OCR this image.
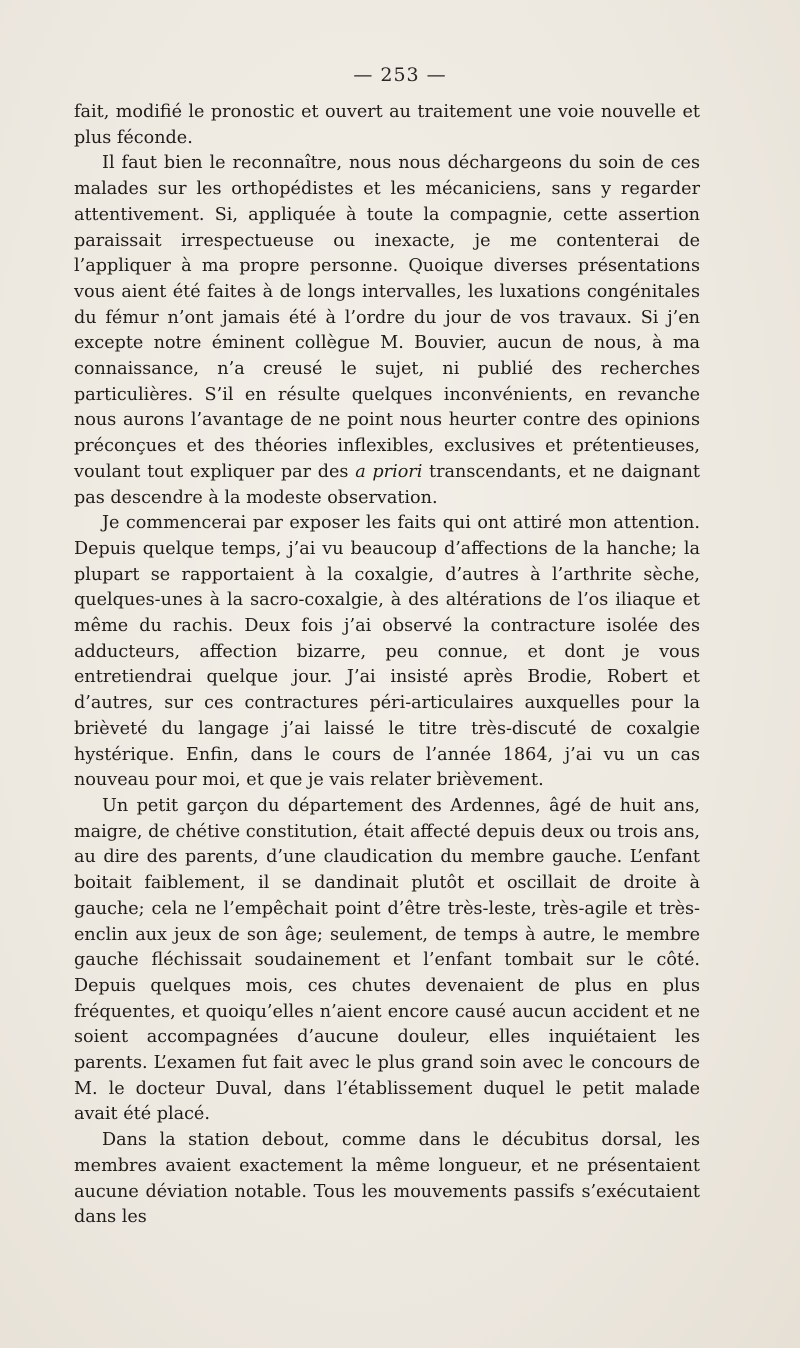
— 253 —

fait, modifié le pronostic et ouvert au traitement une voie nouvelle et plus féconde.

Il faut bien le reconnaître, nous nous déchargeons du soin de ces malades sur les orthopédistes et les mécaniciens, sans y regarder attentivement. Si, appliquée à toute la compagnie, cette assertion paraissait irrespectueuse ou inexacte, je me contenterai de l’appliquer à ma propre personne. Quoique diverses présentations vous aient été faites à de longs intervalles, les luxations congénitales du fémur n’ont jamais été à l’ordre du jour de vos travaux. Si j’en excepte notre éminent collègue M. Bouvier, aucun de nous, à ma connaissance, n’a creusé le sujet, ni publié des recherches particulières. S’il en résulte quelques inconvénients, en revanche nous aurons l’avantage de ne point nous heurter contre des opinions préconçues et des théories inflexibles, exclusives et prétentieuses, voulant tout expliquer par des a priori transcendants, et ne daignant pas descendre à la modeste observation.

Je commencerai par exposer les faits qui ont attiré mon attention. Depuis quelque temps, j’ai vu beaucoup d’affections de la hanche; la plupart se rapportaient à la coxalgie, d’autres à l’arthrite sèche, quelques-unes à la sacro-coxalgie, à des altérations de l’os iliaque et même du rachis. Deux fois j’ai observé la contracture isolée des adducteurs, affection bizarre, peu connue, et dont je vous entretiendrai quelque jour. J’ai insisté après Brodie, Robert et d’autres, sur ces contractures péri-articulaires auxquelles pour la brièveté du langage j’ai laissé le titre très-discuté de coxalgie hystérique. Enfin, dans le cours de l’année 1864, j’ai vu un cas nouveau pour moi, et que je vais relater brièvement.

Un petit garçon du département des Ardennes, âgé de huit ans, maigre, de chétive constitution, était affecté depuis deux ou trois ans, au dire des parents, d’une claudication du membre gauche. L’enfant boitait faiblement, il se dandinait plutôt et oscillait de droite à gauche; cela ne l’empêchait point d’être très-leste, très-agile et très-enclin aux jeux de son âge; seulement, de temps à autre, le membre gauche fléchissait soudainement et l’enfant tombait sur le côté. Depuis quelques mois, ces chutes devenaient de plus en plus fréquentes, et quoiqu’elles n’aient encore causé aucun accident et ne soient accompagnées d’aucune douleur, elles inquiétaient les parents. L’examen fut fait avec le plus grand soin avec le concours de M. le docteur Duval, dans l’établissement duquel le petit malade avait été placé.

Dans la station debout, comme dans le décubitus dorsal, les membres avaient exactement la même longueur, et ne présentaient aucune déviation notable. Tous les mouvements passifs s’exécutaient dans les
